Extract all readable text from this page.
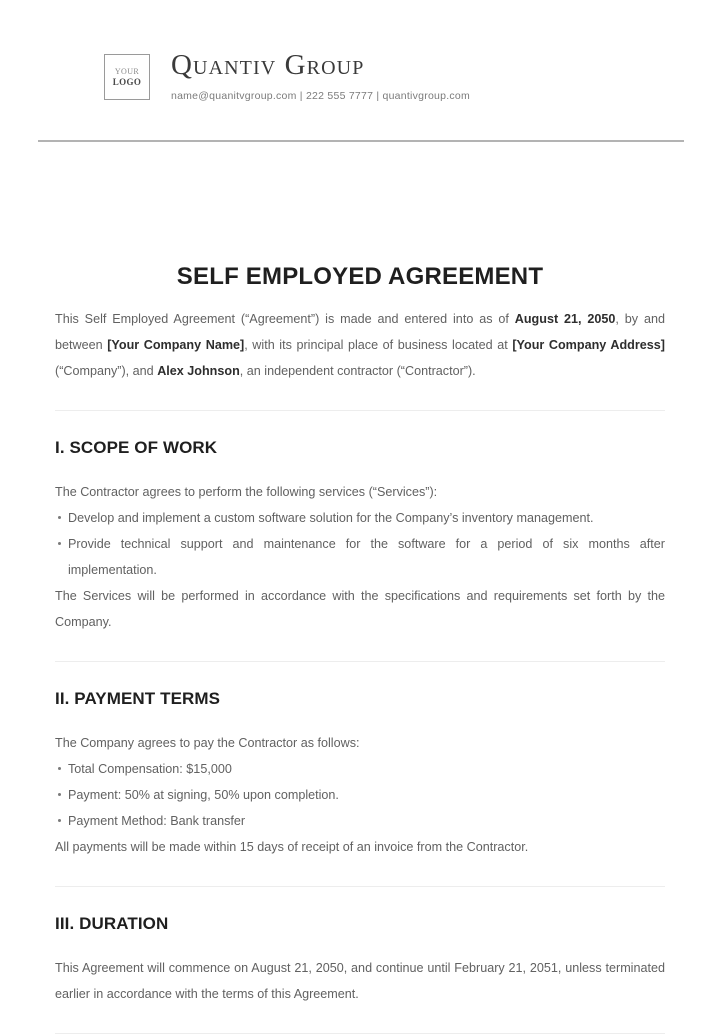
YOUR
LOGO
Quantiv Group
name@quanitvgroup.com | 222 555 7777 | quantivgroup.com
SELF EMPLOYED AGREEMENT

This Self Employed Agreement (“Agreement”) is made and entered into as of August 21, 2050, by and between [Your Company Name], with its principal place of business located at [Your Company Address] (“Company”), and Alex Johnson, an independent contractor (“Contractor”).

I. SCOPE OF WORK

The Contractor agrees to perform the following services (“Services”):

Develop and implement a custom software solution for the Company’s inventory management.
Provide technical support and maintenance for the software for a period of six months after implementation.

The Services will be performed in accordance with the specifications and requirements set forth by the Company.

II. PAYMENT TERMS

The Company agrees to pay the Contractor as follows:

Total Compensation: $15,000
Payment: 50% at signing, 50% upon completion.
Payment Method: Bank transfer

All payments will be made within 15 days of receipt of an invoice from the Contractor.

III. DURATION

This Agreement will commence on August 21, 2050, and continue until February 21, 2051, unless terminated earlier in accordance with the terms of this Agreement.
